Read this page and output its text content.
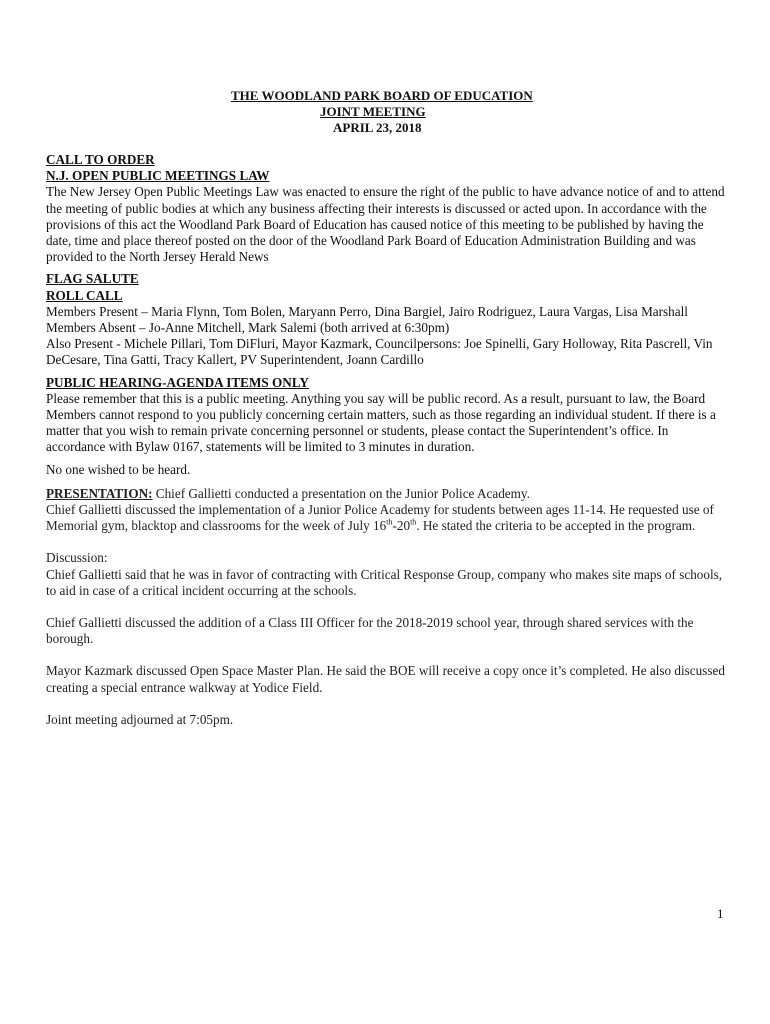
THE WOODLAND PARK BOARD OF EDUCATION
JOINT MEETING
APRIL 23, 2018
CALL TO ORDER
N.J. OPEN PUBLIC MEETINGS LAW

The New Jersey Open Public Meetings Law was enacted to ensure the right of the public to have advance notice of and to attend the meeting of public bodies at which any business affecting their interests is discussed or acted upon. In accordance with the provisions of this act the Woodland Park Board of Education has caused notice of this meeting to be published by having the date, time and place thereof posted on the door of the Woodland Park Board of Education Administration Building and was provided to the North Jersey Herald News

FLAG SALUTE
ROLL CALL

Members Present – Maria Flynn, Tom Bolen, Maryann Perro, Dina Bargiel, Jairo Rodriguez, Laura Vargas, Lisa Marshall

Members Absent – Jo-Anne Mitchell, Mark Salemi (both arrived at 6:30pm)

Also Present - Michele Pillari, Tom DiFluri, Mayor Kazmark, Councilpersons: Joe Spinelli, Gary Holloway, Rita Pascrell, Vin DeCesare, Tina Gatti, Tracy Kallert, PV Superintendent, Joann Cardillo

PUBLIC HEARING-AGENDA ITEMS ONLY

Please remember that this is a public meeting. Anything you say will be public record. As a result, pursuant to law, the Board Members cannot respond to you publicly concerning certain matters, such as those regarding an individual student. If there is a matter that you wish to remain private concerning personnel or students, please contact the Superintendent’s office. In accordance with Bylaw 0167, statements will be limited to 3 minutes in duration.

No one wished to be heard.

PRESENTATION: Chief Gallietti conducted a presentation on the Junior Police Academy.

Chief Gallietti discussed the implementation of a Junior Police Academy for students between ages 11-14. He requested use of Memorial gym, blacktop and classrooms for the week of July 16th-20th. He stated the criteria to be accepted in the program.

Discussion:

Chief Gallietti said that he was in favor of contracting with Critical Response Group, company who makes site maps of schools, to aid in case of a critical incident occurring at the schools.

Chief Gallietti discussed the addition of a Class III Officer for the 2018-2019 school year, through shared services with the borough.

Mayor Kazmark discussed Open Space Master Plan. He said the BOE will receive a copy once it’s completed. He also discussed creating a special entrance walkway at Yodice Field.

Joint meeting adjourned at 7:05pm.

1
